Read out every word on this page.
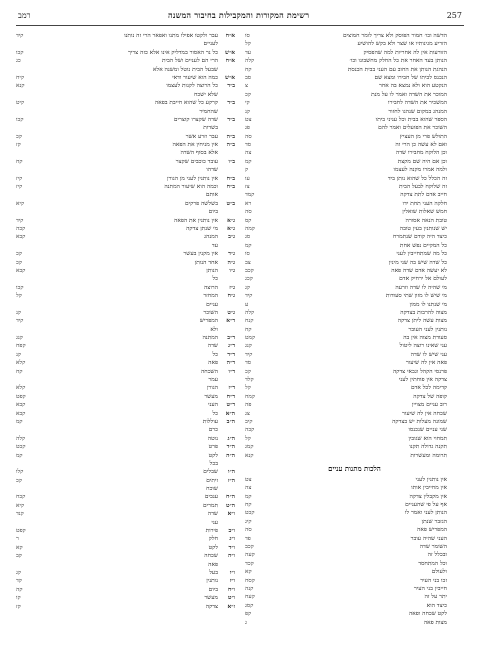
257
רשימת המקורות והמקבילות בחיבור המשנה
רמב
הדשה וכו׳ חמור הפוסק ולא צריך לומר חמוצים
סו
הזריע מגינותיו או שצר ולא בקש להושיע
קל
הזורעות אין לה אחריות למה שהפסיק
עד
הנותן בעד האחר את כל החלק מחשבונו וכו׳
קלה
הנהגת הנותן את החוב עם העני בבית הכנסת
קח
הנכנס לביתו של חבירו ומצא שם
סב
הנקטע הוא ולא נמצא בה אחר
צ
המוכר את השדה ואמר לו על מנת
קכ
המשכיר את השדה לחבירו
קי
המנהג במקום שנהגו לחזור
קנ
הספר שהוא בבית וכל עניני ביתו
צט
השוכר את הפועלים ואמר להם
פג
התולש פרי מן העציץ
סה
ואם לא עשה כן הרי זה
סד
וכן הלוקח מחבירו שדה
צה
וכן אם היה שם מקצת
קמ
ולמה אמרו מקנה לעצמו
ק
זה הכלל כל שהוא נותן ביד
עו
זה שלוקח לבעל הבית
צז
חייב אדם לתת צדקה
קמד
חלקה העני תחת ידו
רא
חמש שאלות שואלין
סה
טובת הנאה אסורה
קס
יש שנותנין בעין טובה
קמה
כיצד היה קודם שנתמרח
סג
כל המקיים נפש אחת
קמ
כל מה שמתחייבין לעני
סו
כל שדה שיש בה שני מינין
צב
לא יעשה אדם שדה פאה
קכב
לעולם אל ירחיק אדם
קכג
מי שהיה לו שדה וזרעה
קג
מי שיש לו מזון שתי סעודות
קיד
מי שנתנו לו ממון
ע
מצוה להרבות בצדקה
קלה
מצות עשה ליתן צדקה
קנח
נותנין לעני העובר
קח
סעודת מצוה אין בה
קמט
עני שאינו רוצה ליטול
קנג
עני שיש לו שדה
קיד
פאה אין לה שיעור
סד
פרנסי הקהל וגבאי צדקה
קכ
צדקה אין פוחתין לעני
קלד
קדימה לכל אדם
קל
קופה של צדקה
קמח
רוב עניים מצויין
פה
שכחה אין לה שיעור
צג
שמונה מעלות יש בצדקה
קיב
שני עניים שנכנסו
קכה
תמחוי הוא שגובין
קל
תקנה גדולה תקנו
קמג
תרומה ומעשרות
קנא
הלכות מתנות עניים
אין נותנין לעני
צט
אין מחייבין אותו
צה
אין מקבלין צדקה
קמ
אף על פי שהעניים
קח
הנותן לעני ואמר לו
קכט
הגזבר שנתן
קיג
המפריש פאה
סה
העני שהיה עובר
פד
השומר שדה
קכב
ובכלל זה
קעה
וכל המתחסד
קכד
ולעולם
קא
זכו בני העיר
קסח
חייבין בני העיר
קנה
יתר על זה
קעח
כיצד הוא
קסג
לקט שכחה ופאה
קפ
מצות פאה
ג
א״ח
עבר ולקטו אפילו מתנו ואפאר הרי זה נותנו
קיד
לעניים
א״ש
כל נר האסור במדליק אינו אלא כזה צריך
קכו
א״ח
הרי הם לעניים ושל הבית
כג
שבעל הבית נוטל ומשנה אלא
א״ש
כמה הוא שיעור ודאי
קיח
ב״ד
כל הרוצה לקנות לעצמו
קנא
שלא ישכח
ב״ד
קרקע כל שהוא חייבת בפאה
קיט
שהחמיר
ב״ד
שדה שקצרו קוצרים
קכו
בשדות
ב״ה
עבר וזרע אשר
קכ
ב״ה
אין מניחין את הפאה
קז
אלא בסוף השדה
ב״ו
עובד כוכבים שקצר
קח
שדהו
ב״ח
אין נותנין לעני מן הגורן
קיז
ב״ח
וכמה הוא שיעור המתנה
קיז
אותם
ב״ט
בשלשה פרקים
קיא
ביום
ג״א
אין נותנין את הפאה
קיד
ג״א
מי שנתן צדקה
קכה
ג״ב
המנהג
קכא
עד
ג״ד
אין מקנין בעשר
קכ
ג״ה
אחד הנותן
קכ
ג״ו
הנותן
קכא
כל
ג״ז
הרוצה
קכו
ג״ח
המחזר
קל
עניים
ג״ט
השוכר
קנ
ד״א
המפריש
קיד
ולא
ד״ב
המתנה
קנג
ד״ג
שדה
קפח
ד״ד
כל
קנ
ד״ה
פאה
קלא
ד״ו
השכחה
קח
עמר
ד״ז
הגורן
קלא
ד״ח
מעשר
קפט
ד״ט
העני
קכא
ה״א
כל
קכא
ה״ב
עוללות
קמ
כרם
ה״ג
נוטה
קלה
ה״ד
פרט
קכט
ה״ה
לקט
קמ
בכל
ה״ו
שבלים
קלו
ה״ז
זיתים
קכ
שוכח
ה״ח
ענבים
קכח
ה״ט
תמרים
קיא
ו״א
שדה
קנד
עני
ו״ב
פירות
קפט
ו״ג
חלק
ר
ו״ד
לקט
קא
ו״ה
שכחה
קב
פאה
ו״ו
בעל
קג
ו״ז
נותנין
קד
ו״ח
ביום
קה
ו״ט
מעשר
קו
ז״א
צדקה
קז
